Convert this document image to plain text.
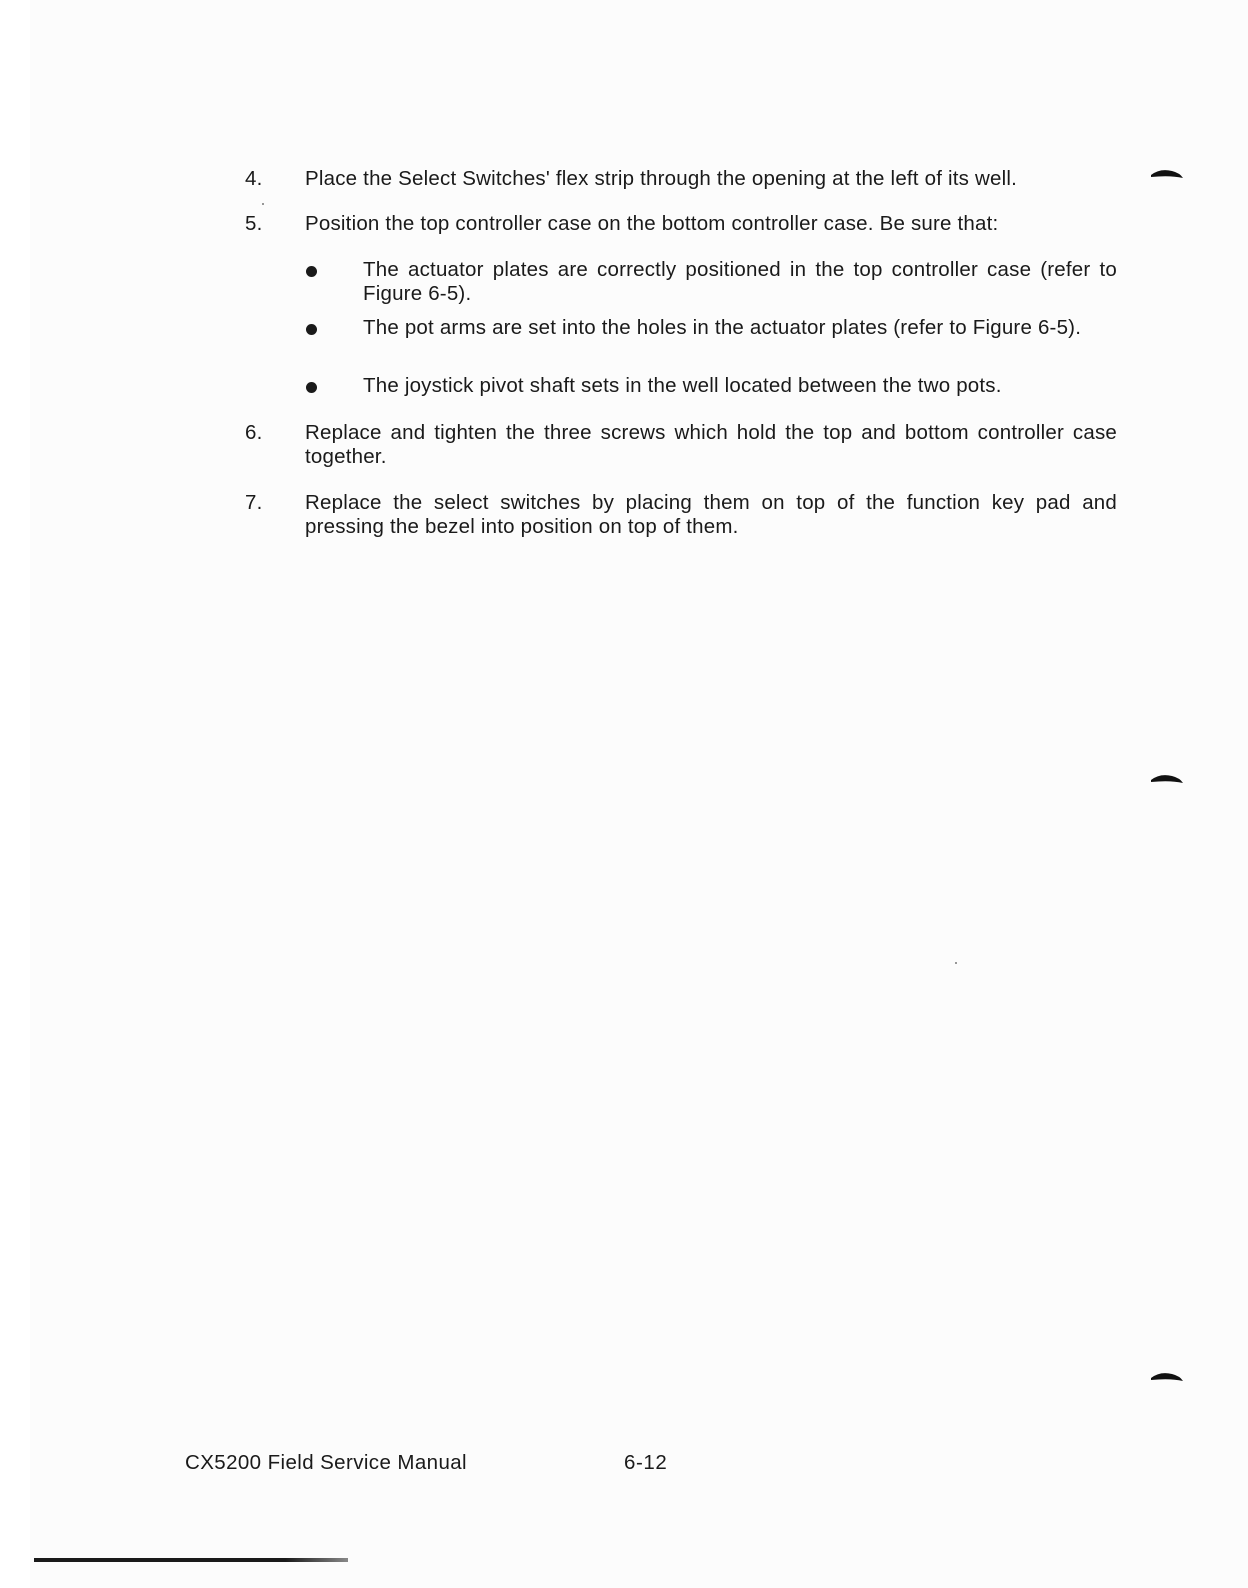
4.	Place the Select Switches' flex strip through the opening at the left of its well.
5.	Position the top controller case on the bottom controller case. Be sure that:
The actuator plates are correctly positioned in the top controller case (refer to Figure 6-5).
The pot arms are set into the holes in the actuator plates (refer to Figure 6-5).
The joystick pivot shaft sets in the well located between the two pots.
6.	Replace and tighten the three screws which hold the top and bottom controller case together.
7.	Replace the select switches by placing them on top of the function key pad and pressing the bezel into position on top of them.
CX5200 Field Service Manual	6-12
